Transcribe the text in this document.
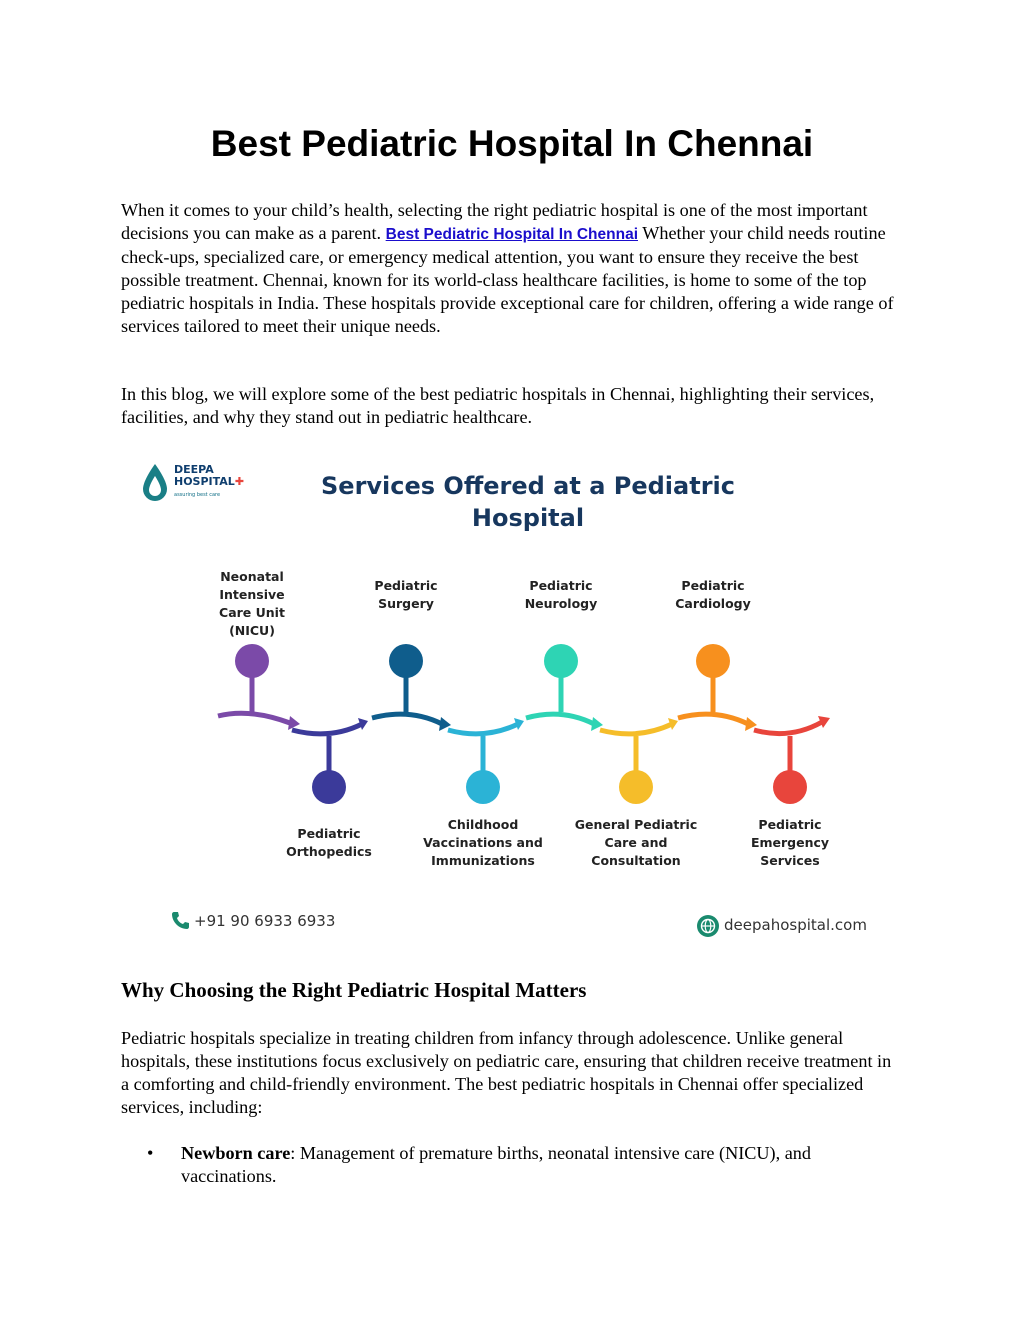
Best Pediatric Hospital In Chennai

When it comes to your child’s health, selecting the right pediatric hospital is one of the most important decisions you can make as a parent. Best Pediatric Hospital In Chennai Whether your child needs routine check-ups, specialized care, or emergency medical attention, you want to ensure they receive the best possible treatment. Chennai, known for its world-class healthcare facilities, is home to some of the top pediatric hospitals in India. These hospitals provide exceptional care for children, offering a wide range of services tailored to meet their unique needs.

In this blog, we will explore some of the best pediatric hospitals in Chennai, highlighting their services, facilities, and why they stand out in pediatric healthcare.

DEEPA
HOSPITAL✚
assuring best care	Services Offered at a Pediatric Hospital
Neonatal Intensive Care Unit (NICU)
Pediatric Orthopedics
Pediatric Surgery
Childhood Vaccinations and Immunizations
Pediatric Neurology
General Pediatric Care and Consultation
Pediatric Cardiology
Pediatric Emergency Services
+91 90 6933 6933	deepahospital.com
Why Choosing the Right Pediatric Hospital Matters

Pediatric hospitals specialize in treating children from infancy through adolescence. Unlike general hospitals, these institutions focus exclusively on pediatric care, ensuring that children receive treatment in a comforting and child-friendly environment. The best pediatric hospitals in Chennai offer specialized services, including:

• Newborn care: Management of premature births, neonatal intensive care (NICU), and vaccinations.
